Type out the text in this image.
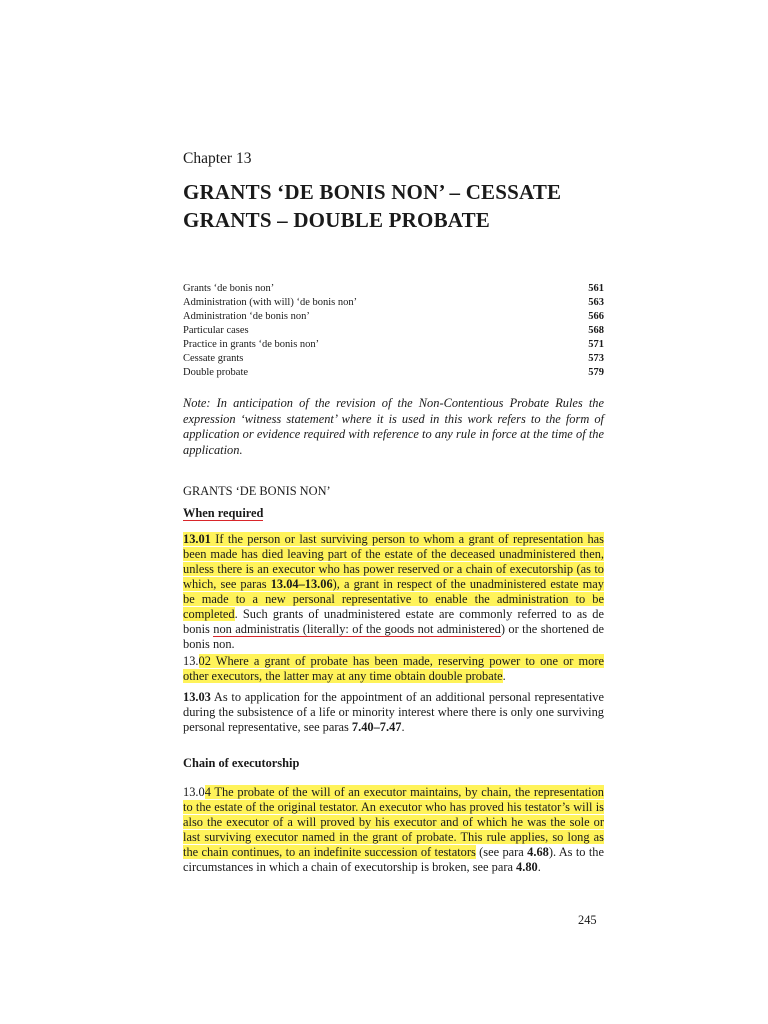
Chapter 13
GRANTS ‘DE BONIS NON’ – CESSATE
GRANTS – DOUBLE PROBATE
Grants ‘de bonis non’	561
Administration (with will) ‘de bonis non’	563
Administration ‘de bonis non’	566
Particular cases	568
Practice in grants ‘de bonis non’	571
Cessate grants	573
Double probate	579
Note: In anticipation of the revision of the Non-Contentious Probate Rules the expression ‘witness statement’ where it is used in this work refers to the form of application or evidence required with reference to any rule in force at the time of the application.
GRANTS ‘DE BONIS NON’
When required
13.01 If the person or last surviving person to whom a grant of representation has been made has died leaving part of the estate of the deceased unadministered then, unless there is an executor who has power reserved or a chain of executorship (as to which, see paras 13.04–13.06), a grant in respect of the unadministered estate may be made to a new personal representative to enable the administration to be completed. Such grants of unadministered estate are commonly referred to as de bonis non administratis (literally: of the goods not administered) or the shortened de bonis non.
13.02 Where a grant of probate has been made, reserving power to one or more other executors, the latter may at any time obtain double probate.
13.03 As to application for the appointment of an additional personal representative during the subsistence of a life or minority interest where there is only one surviving personal representative, see paras 7.40–7.47.
Chain of executorship
13.04 The probate of the will of an executor maintains, by chain, the representation to the estate of the original testator. An executor who has proved his testator’s will is also the executor of a will proved by his executor and of which he was the sole or last surviving executor named in the grant of probate. This rule applies, so long as the chain continues, to an indefinite succession of testators (see para 4.68). As to the circumstances in which a chain of executorship is broken, see para 4.80.
245
